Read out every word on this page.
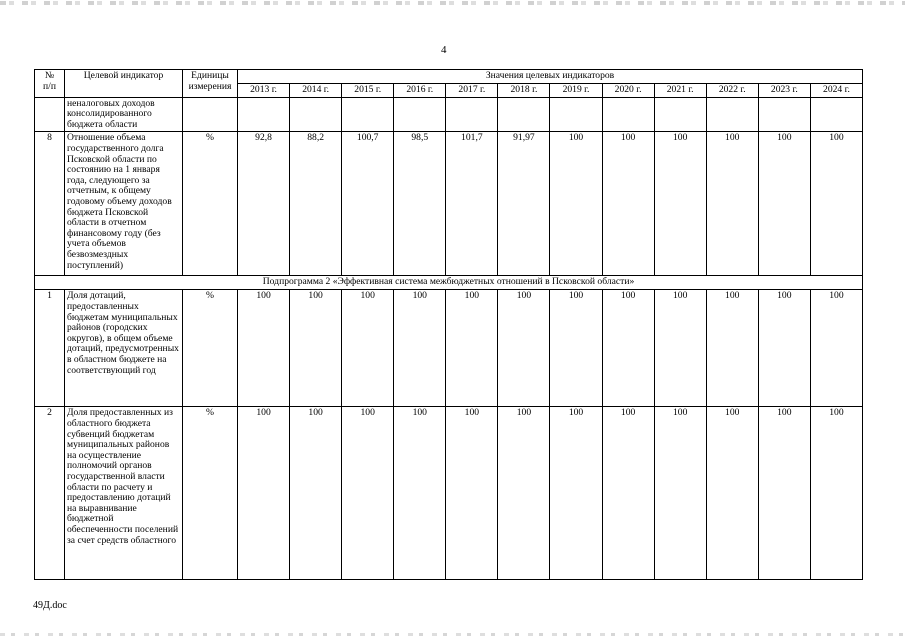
4
№
п/п	Целевой индикатор	Единицы измерения	Значения целевых индикаторов											
			2013 г.	2014 г.	2015 г.	2016 г.	2017 г.	2018 г.	2019 г.	2020 г.	2021 г.	2022 г.	2023 г.	2024 г.
	неналоговых доходов консолидированного бюджета области													
8	Отношение объема государственного долга Псковской области по состоянию на 1 января года, следующего за отчетным, к общему годовому объему доходов бюджета Псковской области в отчетном финансовому году (без учета объемов безвозмездных поступлений)	%	92,8	88,2	100,7	98,5	101,7	91,97	100	100	100	100	100	100
Подпрограмма 2 «Эффективная система межбюджетных отношений в Псковской области»														
1	Доля дотаций, предоставленных бюджетам муниципальных районов (городских округов), в общем объеме дотаций, предусмотренных в областном бюджете на соответствующий год	%	100	100	100	100	100	100	100	100	100	100	100	100
2	Доля предоставленных из областного бюджета субвенций бюджетам муниципальных районов на осуществление полномочий органов государственной власти области по расчету и предоставлению дотаций на выравнивание бюджетной обеспеченности поселений за счет средств областного	%	100	100	100	100	100	100	100	100	100	100	100	100
49Д.doc
